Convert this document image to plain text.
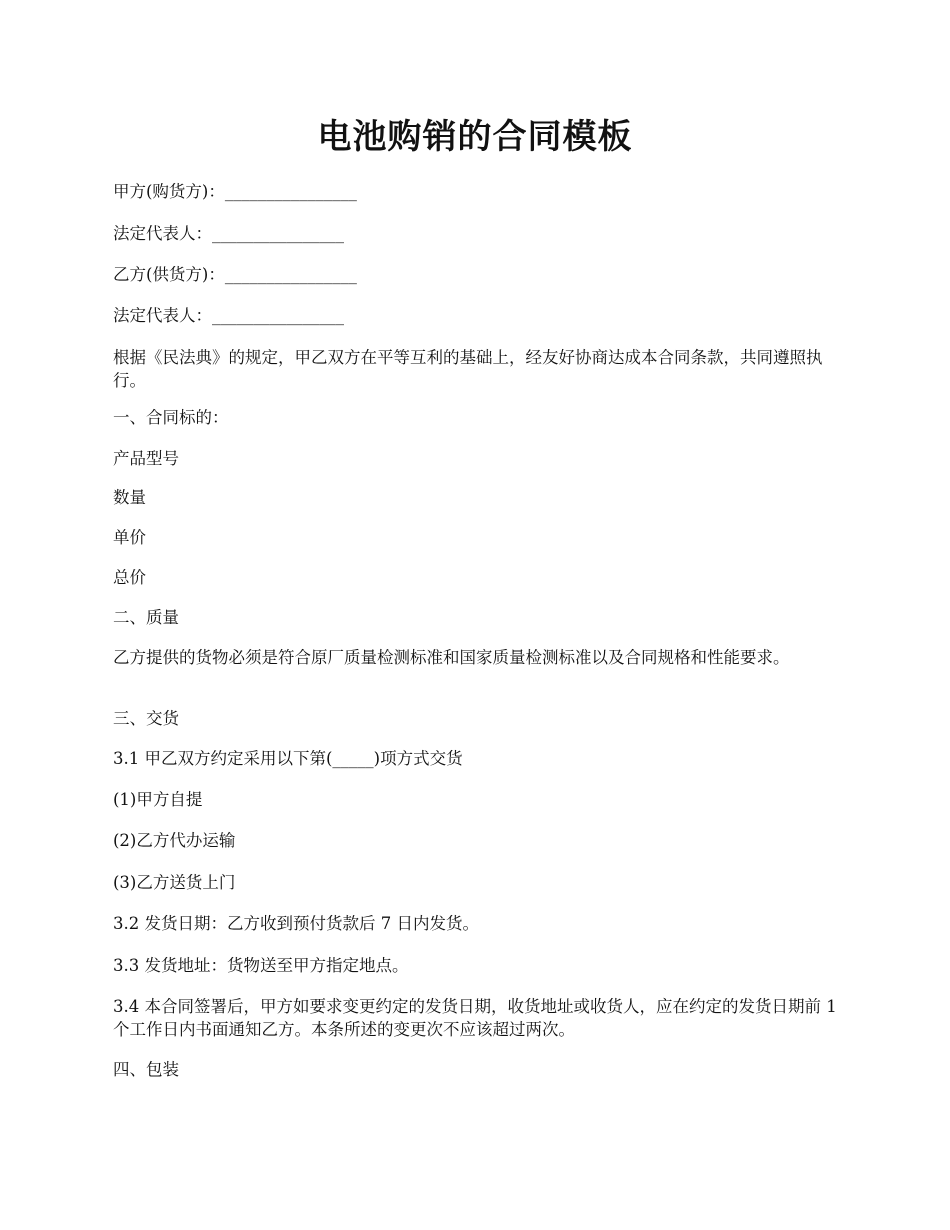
电池购销的合同模板

甲方(购货方)：________________

法定代表人：________________

乙方(供货方)：________________

法定代表人：________________

根据《民法典》的规定，甲乙双方在平等互利的基础上，经友好协商达成本合同条款，共同遵照执行。

一、合同标的：

产品型号

数量

单价

总价

二、质量

乙方提供的货物必须是符合原厂质量检测标准和国家质量检测标准以及合同规格和性能要求。

三、交货

3.1 甲乙双方约定采用以下第(_____)项方式交货

(1)甲方自提

(2)乙方代办运输

(3)乙方送货上门

3.2 发货日期：乙方收到预付货款后 7 日内发货。

3.3 发货地址：货物送至甲方指定地点。

3.4 本合同签署后，甲方如要求变更约定的发货日期，收货地址或收货人，应在约定的发货日期前 1 个工作日内书面通知乙方。本条所述的变更次不应该超过两次。

四、包装
